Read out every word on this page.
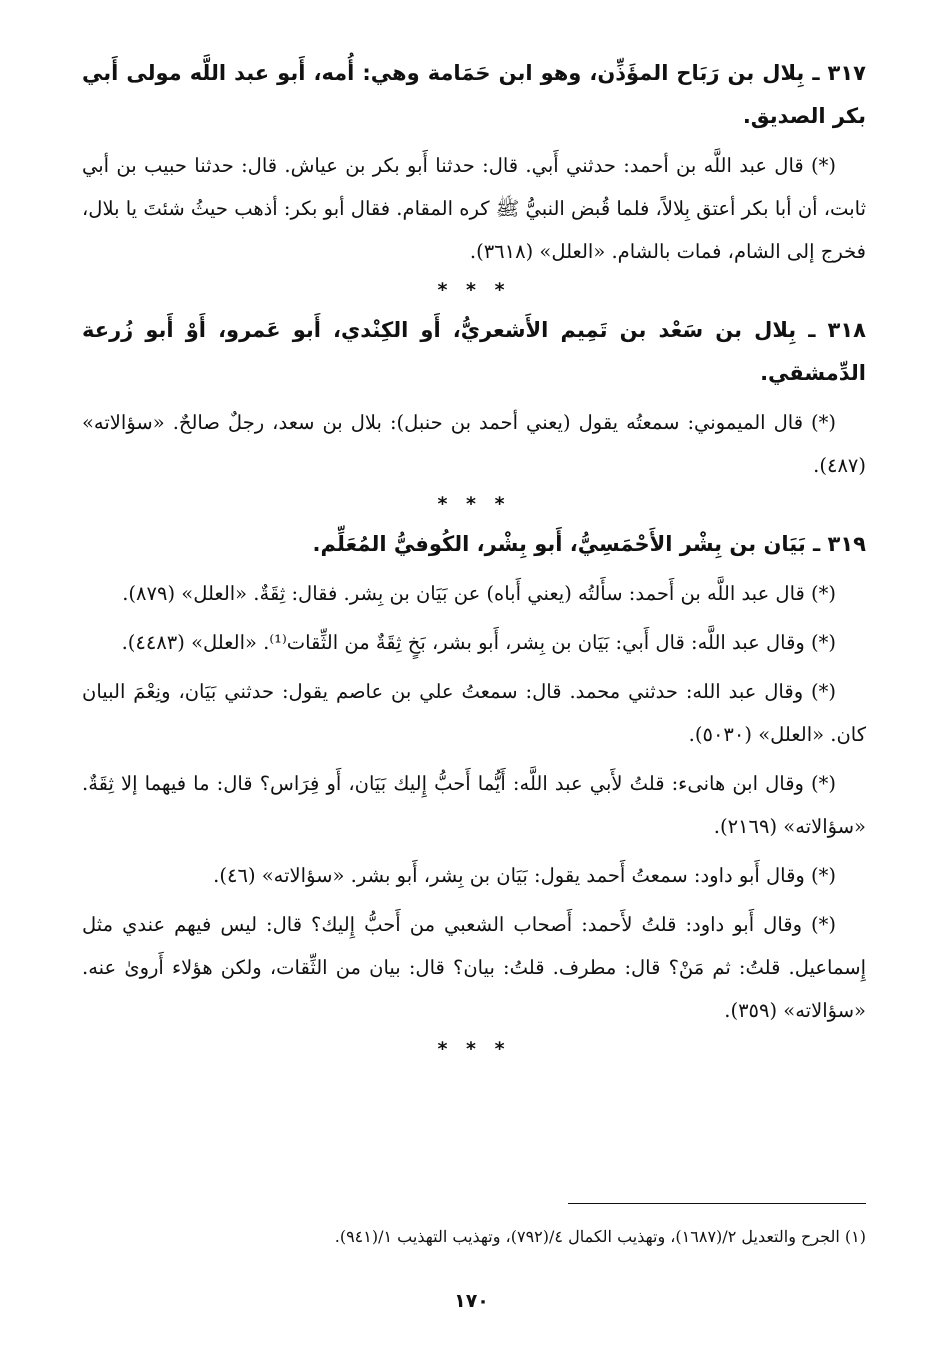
٣١٧ ـ بِلال بن رَبَاح المؤَذِّن، وهو ابن حَمَامة وهي: أُمه، أَبو عبد اللَّه مولى أَبي بكر الصديق.

(*) قال عبد اللَّه بن أحمد: حدثني أَبي. قال: حدثنا أَبو بكر بن عياش. قال: حدثنا حبيب بن أبي ثابت، أن أبا بكر أعتق بِلالاً، فلما قُبض النبيُّ ﷺ كره المقام. فقال أبو بكر: أذهب حيثُ شئتَ يا بلال، فخرج إلى الشام، فمات بالشام. «العلل» (٣٦١٨).

* * *
٣١٨ ـ بِلال بن سَعْد بن تَمِيم الأَشعريُّ، أَو الكِنْدي، أَبو عَمرو، أَوْ أَبو زُرعة الدِّمشقي.

(*) قال الميموني: سمعتُه يقول (يعني أحمد بن حنبل): بلال بن سعد، رجلٌ صالحٌ. «سؤالاته» (٤٨٧).

* * *
٣١٩ ـ بَيَان بن بِشْر الأَحْمَسِيُّ، أَبو بِشْر، الكُوفيُّ المُعَلِّم.

(*) قال عبد اللَّه بن أَحمد: سأَلتُه (يعني أَباه) عن بَيَان بن بِشر. فقال: ثِقَةٌ. «العلل» (٨٧٩).

(*) وقال عبد اللَّه: قال أَبي: بَيَان بن بِشر، أَبو بشر، بَخٍ ثِقَةٌ من الثِّقات⁽¹⁾. «العلل» (٤٤٨٣).

(*) وقال عبد الله: حدثني محمد. قال: سمعتُ علي بن عاصم يقول: حدثني بَيَان، ونِعْمَ البيان كان. «العلل» (٥٠٣٠).

(*) وقال ابن هانىء: قلتُ لأَبي عبد اللَّه: أَيُّما أَحبُّ إِليك بَيَان، أَو فِرَاس؟ قال: ما فيهما إلا ثِقَةٌ. «سؤالاته» (٢١٦٩).

(*) وقال أَبو داود: سمعتُ أَحمد يقول: بَيَان بن بِشر، أَبو بشر. «سؤالاته» (٤٦).

(*) وقال أَبو داود: قلتُ لأَحمد: أَصحاب الشعبي من أَحبُّ إِليك؟ قال: ليس فيهم عندي مثل إِسماعيل. قلتُ: ثم مَنْ؟ قال: مطرف. قلتُ: بيان؟ قال: بيان من الثِّقات، ولكن هؤلاء أَروىٰ عنه. «سؤالاته» (٣٥٩).

* * *
(١) الجرح والتعديل ٢/(١٦٨٧)، وتهذيب الكمال ٤/(٧٩٢)، وتهذيب التهذيب ١/(٩٤١).
١٧٠
